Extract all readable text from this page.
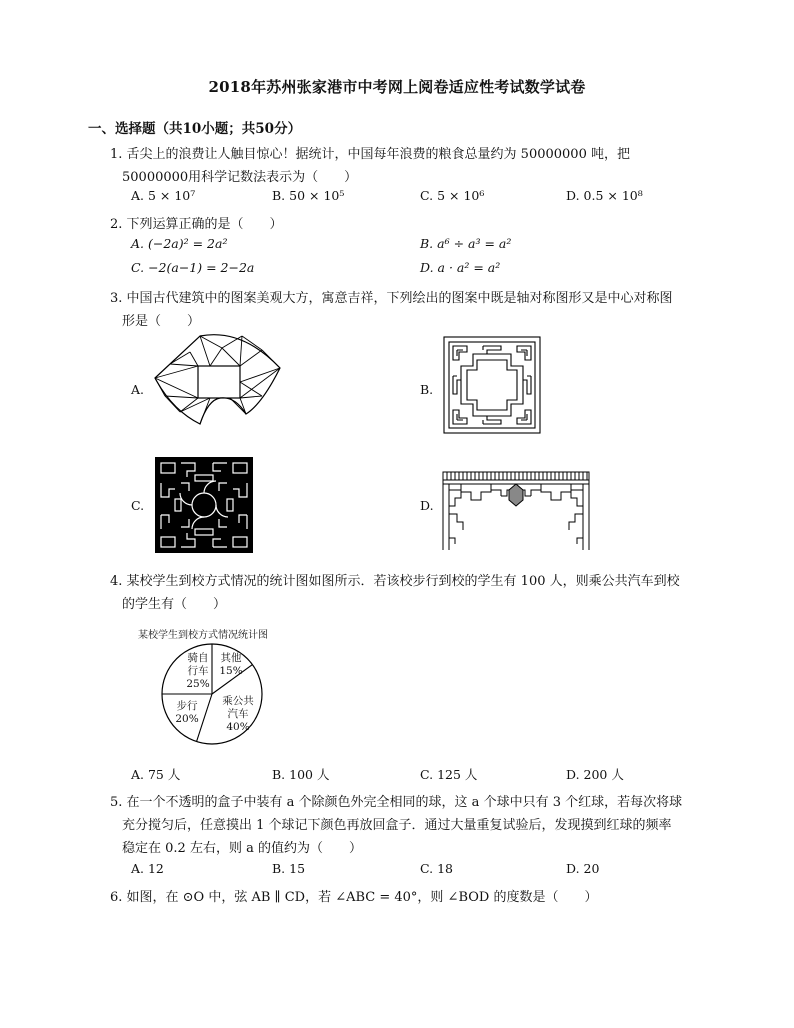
2018年苏州张家港市中考网上阅卷适应性考试数学试卷
一、选择题（共10小题；共50分）
1. 舌尖上的浪费让人触目惊心！据统计，中国每年浪费的粮食总量约为 50000000 吨，把
50000000用科学记数法表示为（　　）
A. 5 × 10⁷	B. 50 × 10⁵	C. 5 × 10⁶	D. 0.5 × 10⁸
2. 下列运算正确的是（　　）
A. (−2a)² = 2a²	B. a⁶ ÷ a³ = a²
C. −2(a−1) = 2−2a	D. a · a² = a²
3. 中国古代建筑中的图案美观大方，寓意吉祥，下列绘出的图案中既是轴对称图形又是中心对称图
形是（　　）
A.	B.
C.	D.
4. 某校学生到校方式情况的统计图如图所示．若该校步行到校的学生有 100 人，则乘公共汽车到校
的学生有（　　）
某校学生到校方式情况统计图
骑自
行车
25%
其他
15%
乘公共
汽车
40%
步行
20%
A. 75 人	B. 100 人	C. 125 人	D. 200 人
5. 在一个不透明的盒子中装有 a 个除颜色外完全相同的球，这 a 个球中只有 3 个红球，若每次将球
充分搅匀后，任意摸出 1 个球记下颜色再放回盒子．通过大量重复试验后，发现摸到红球的频率
稳定在 0.2 左右，则 a 的值约为（　　）
A. 12	B. 15	C. 18	D. 20
6. 如图，在 ⊙O 中，弦 AB ∥ CD，若 ∠ABC = 40°，则 ∠BOD 的度数是（　　）
